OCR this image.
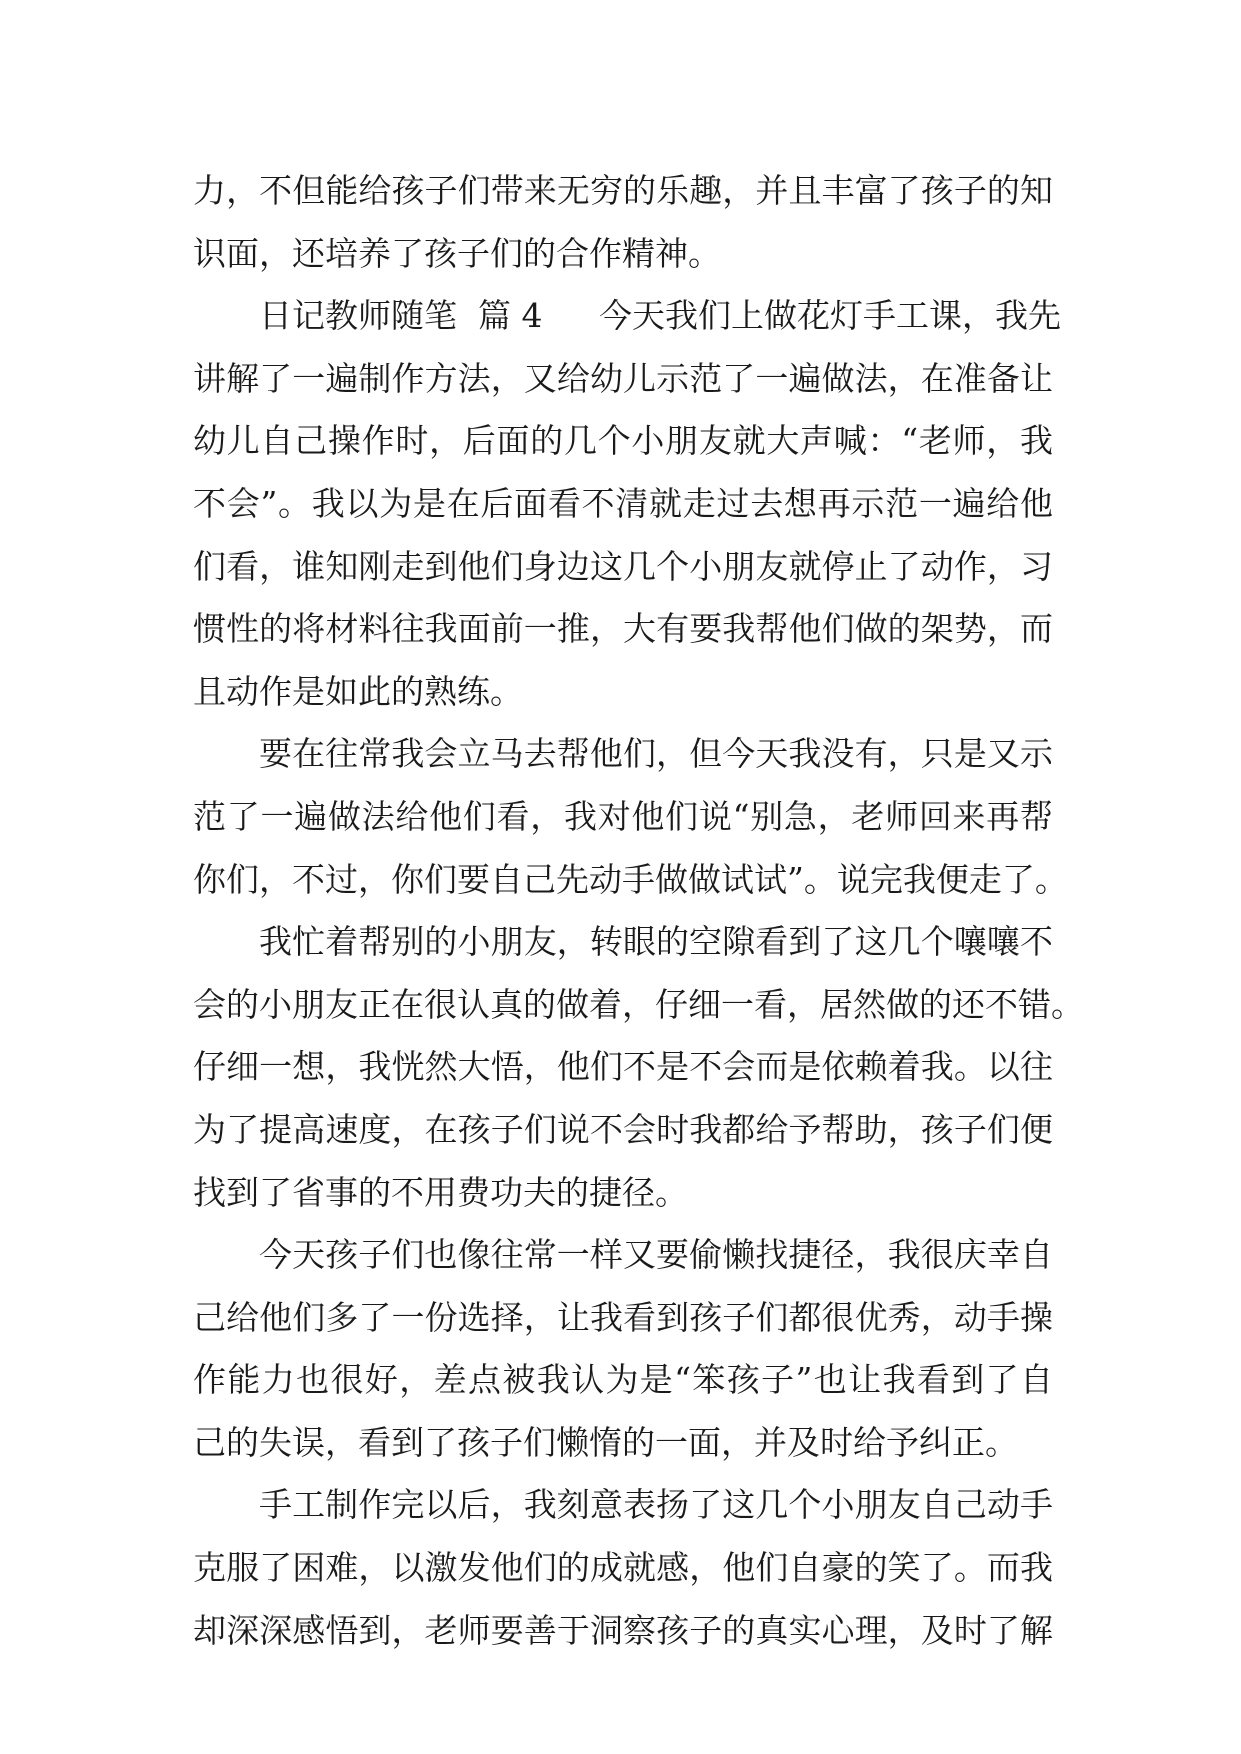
力，不但能给孩子们带来无穷的乐趣，并且丰富了孩子的知
识面，还培养了孩子们的合作精神。
日记教师随笔  篇 4 今天我们上做花灯手工课，我先
讲解了一遍制作方法，又给幼儿示范了一遍做法，在准备让
幼儿自己操作时，后面的几个小朋友就大声喊：“老师，我
不会”。我以为是在后面看不清就走过去想再示范一遍给他
们看，谁知刚走到他们身边这几个小朋友就停止了动作，习
惯性的将材料往我面前一推，大有要我帮他们做的架势，而
且动作是如此的熟练。
要在往常我会立马去帮他们，但今天我没有，只是又示
范了一遍做法给他们看，我对他们说“别急，老师回来再帮
你们，不过，你们要自己先动手做做试试”。说完我便走了。
我忙着帮别的小朋友，转眼的空隙看到了这几个嚷嚷不
会的小朋友正在很认真的做着，仔细一看，居然做的还不错。
仔细一想，我恍然大悟，他们不是不会而是依赖着我。以往
为了提高速度，在孩子们说不会时我都给予帮助，孩子们便
找到了省事的不用费功夫的捷径。
今天孩子们也像往常一样又要偷懒找捷径，我很庆幸自
己给他们多了一份选择，让我看到孩子们都很优秀，动手操
作能力也很好，差点被我认为是“笨孩子”也让我看到了自
己的失误，看到了孩子们懒惰的一面，并及时给予纠正。
手工制作完以后，我刻意表扬了这几个小朋友自己动手
克服了困难，以激发他们的成就感，他们自豪的笑了。而我
却深深感悟到，老师要善于洞察孩子的真实心理，及时了解
